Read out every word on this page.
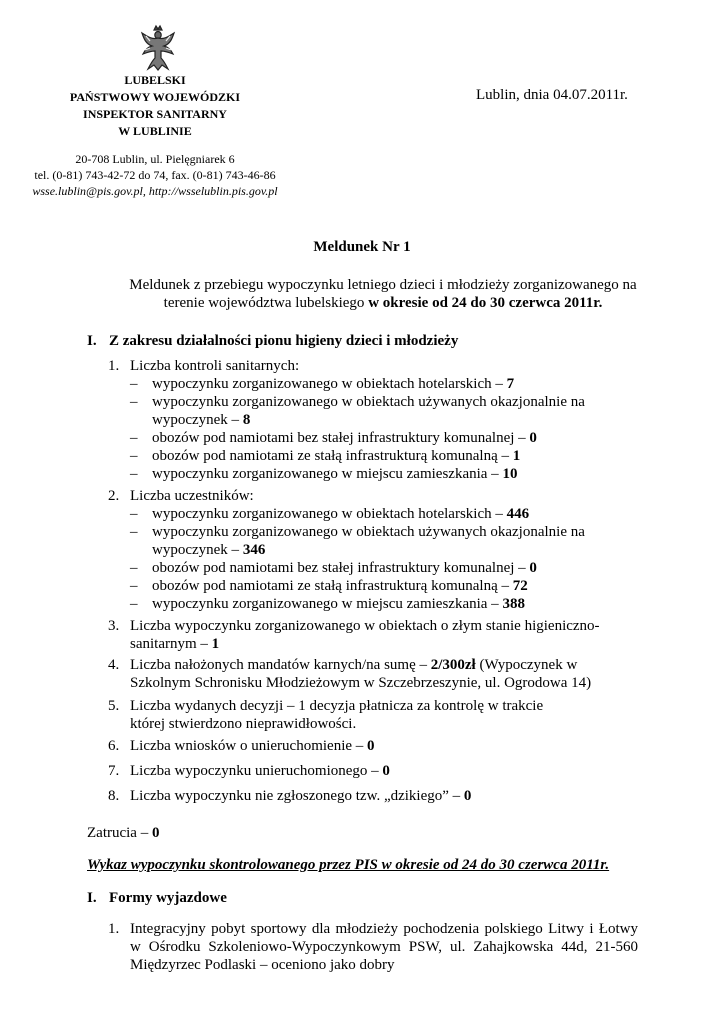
LUBELSKI
PAŃSTWOWY WOJEWÓDZKI
INSPEKTOR SANITARNY
W LUBLINIE
20-708 Lublin, ul. Pielęgniarek 6
tel. (0-81) 743-42-72 do 74, fax. (0-81) 743-46-86
wsse.lublin@pis.gov.pl, http://wsselublin.pis.gov.pl
Lublin, dnia 04.07.2011r.
Meldunek Nr 1
Meldunek z przebiegu wypoczynku letniego dzieci i młodzieży zorganizowanego na terenie województwa lubelskiego w okresie od 24 do 30 czerwca 2011r.
I. Z zakresu działalności pionu higieny dzieci i młodzieży
1. Liczba kontroli sanitarnych:
– wypoczynku zorganizowanego w obiektach hotelarskich – 7
– wypoczynku zorganizowanego w obiektach używanych okazjonalnie na wypoczynek – 8
– obozów pod namiotami bez stałej infrastruktury komunalnej – 0
– obozów pod namiotami ze stałą infrastrukturą komunalną – 1
– wypoczynku zorganizowanego w miejscu zamieszkania – 10
2. Liczba uczestników:
– wypoczynku zorganizowanego w obiektach hotelarskich – 446
– wypoczynku zorganizowanego w obiektach używanych okazjonalnie na wypoczynek – 346
– obozów pod namiotami bez stałej infrastruktury komunalnej – 0
– obozów pod namiotami ze stałą infrastrukturą komunalną – 72
– wypoczynku zorganizowanego w miejscu zamieszkania – 388
3. Liczba wypoczynku zorganizowanego w obiektach o złym stanie higieniczno-sanitarnym – 1
4. Liczba nałożonych mandatów karnych/na sumę – 2/300zł (Wypoczynek w Szkolnym Schronisku Młodzieżowym w Szczebrzeszynie, ul. Ogrodowa 14)
5. Liczba wydanych decyzji – 1 decyzja płatnicza za kontrolę w trakcie której stwierdzono nieprawidłowości.
6. Liczba wniosków o unieruchomienie – 0
7. Liczba wypoczynku unieruchomionego – 0
8. Liczba wypoczynku nie zgłoszonego tzw. „dzikiego” – 0
Zatrucia – 0
Wykaz wypoczynku skontrolowanego przez PIS w okresie od 24 do 30 czerwca 2011r.
I. Formy wyjazdowe
1. Integracyjny pobyt sportowy dla młodzieży pochodzenia polskiego Litwy i Łotwy w Ośrodku Szkoleniowo-Wypoczynkowym PSW, ul. Zahajkowska 44d, 21-560 Międzyrzec Podlaski – oceniono jako dobry
